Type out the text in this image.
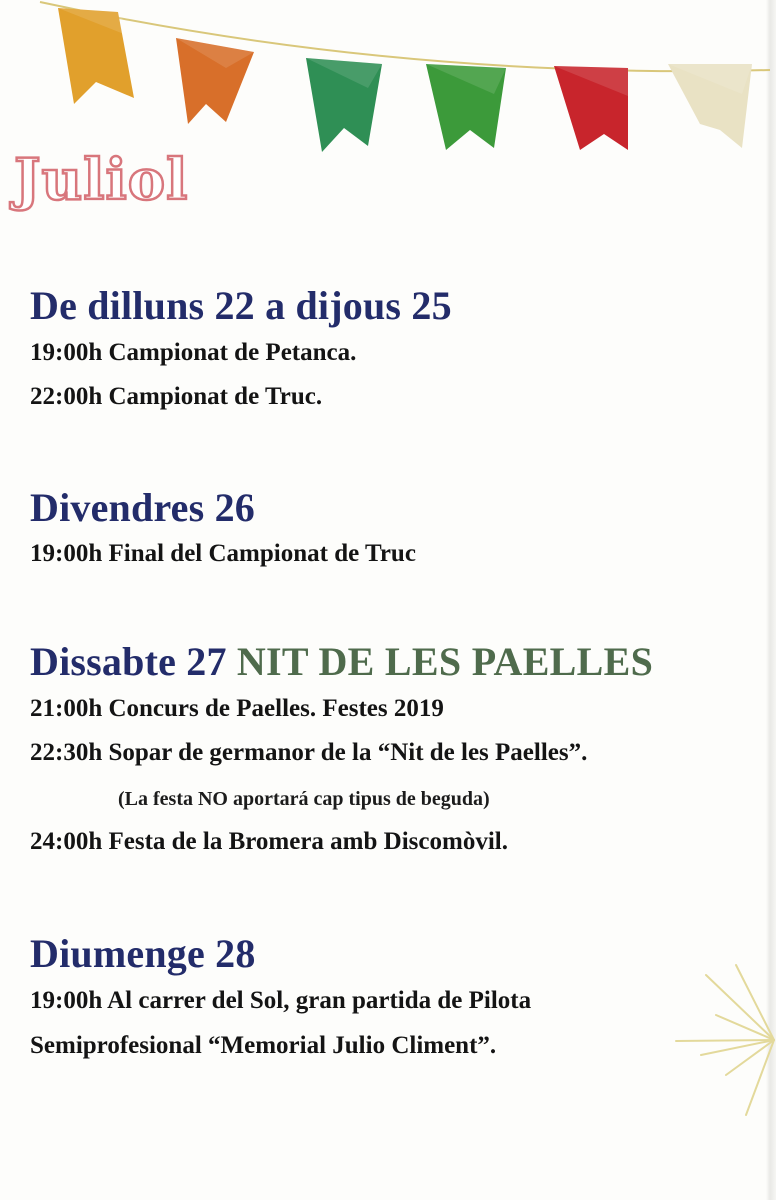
Juliol
De dilluns 22 a dijous 25

19:00h Campionat de Petanca.

22:00h Campionat de Truc.

Divendres 26

19:00h Final del Campionat de Truc

Dissabte 27 NIT DE LES PAELLES

21:00h Concurs de Paelles. Festes 2019

22:30h Sopar de germanor de la “Nit de les Paelles”.

(La festa NO aportará cap tipus de beguda)

24:00h Festa de la Bromera amb Discomòvil.

Diumenge 28

19:00h Al carrer del Sol, gran partida de Pilota

Semiprofesional “Memorial Julio Climent”.
